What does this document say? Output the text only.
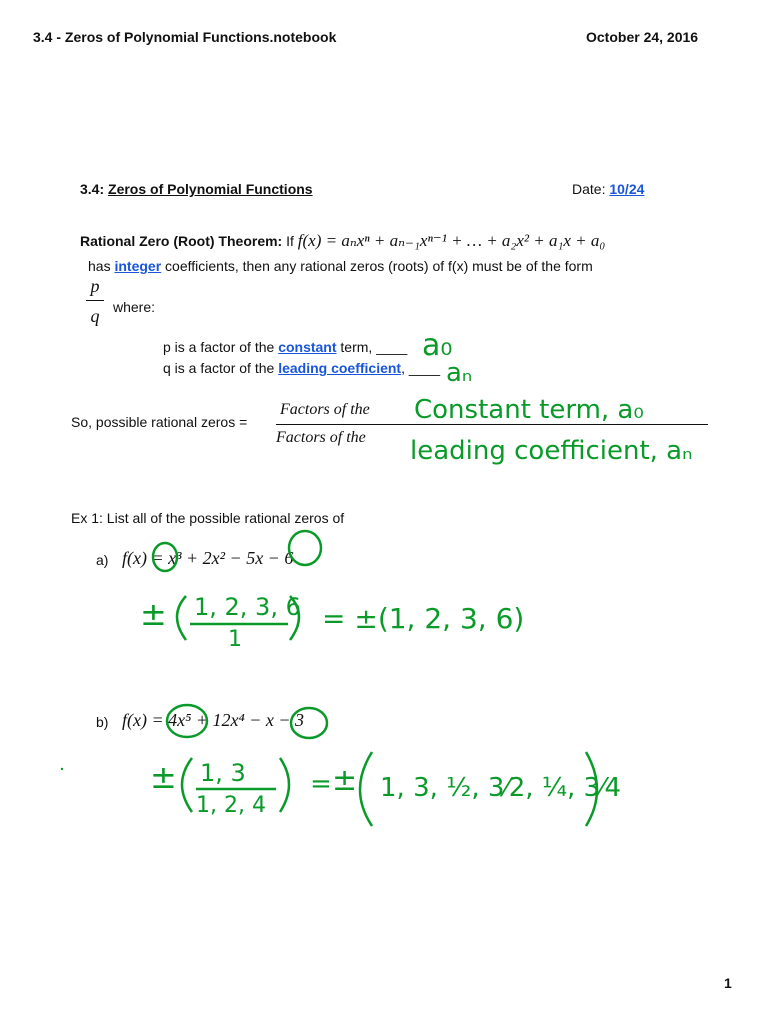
3.4 - Zeros of Polynomial Functions.notebook	October 24, 2016
3.4: Zeros of Polynomial Functions	Date: 10/24
Rational Zero (Root) Theorem: If f(x) = aₙxⁿ + aₙ₋₁xⁿ⁻¹ + … + a₂x² + a₁x + a₀
has integer coefficients, then any rational zeros (roots) of f(x) must be of the form
p
q where:
p is a factor of the constant term, ____
q is a factor of the leading coefficient, ____
So, possible rational zeros =
Factors of the
Factors of the
Ex 1: List all of the possible rational zeros of
a) f(x) = x³ + 2x² − 5x − 6
b) f(x) = 4x⁵ + 12x⁴ − x − 3
a₀
aₙ
Constant term, a₀
leading coefficient, aₙ
± 1, 2, 3, 6
1
= ±(1, 2, 3, 6)
± 1, 3
1, 2, 4
= ± 1, 3, ½, 3⁄2, ¼, 3⁄4
1
